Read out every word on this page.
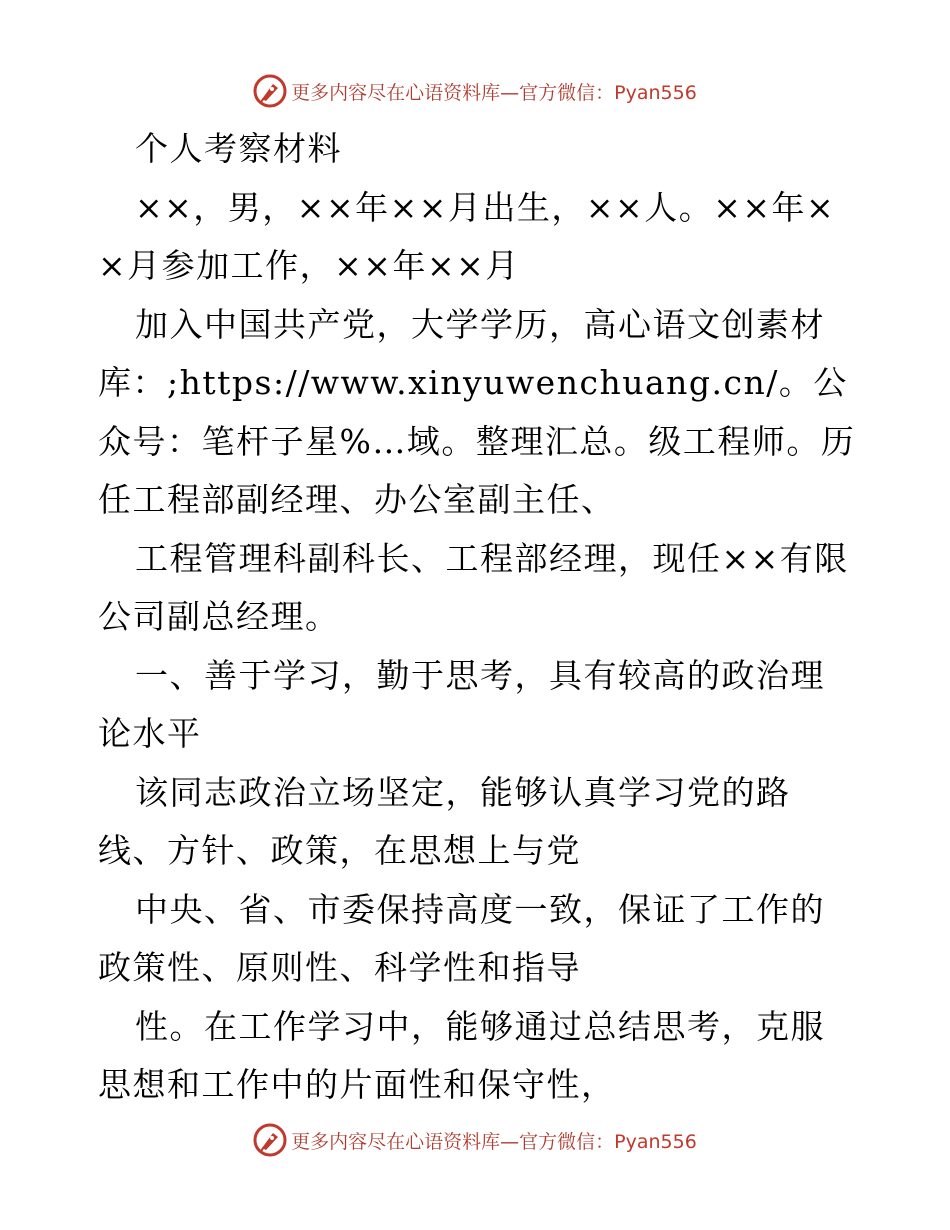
更多内容尽在心语资料库—官方微信：Pyan556

个人考察材料

××，男，××年××月出生，××人。××年××月参加工作，××年××月

加入中国共产党，大学学历，高心语文创素材库：;https://www.xinyuwenchuang.cn/。公众号：笔杆子星%…域。整理汇总。级工程师。历任工程部副经理、办公室副主任、

工程管理科副科长、工程部经理，现任××有限公司副总经理。

一、善于学习，勤于思考，具有较高的政治理论水平

该同志政治立场坚定，能够认真学习党的路线、方针、政策，在思想上与党

中央、省、市委保持高度一致，保证了工作的政策性、原则性、科学性和指导

性。在工作学习中，能够通过总结思考，克服思想和工作中的片面性和保守性，

更多内容尽在心语资料库—官方微信：Pyan556
